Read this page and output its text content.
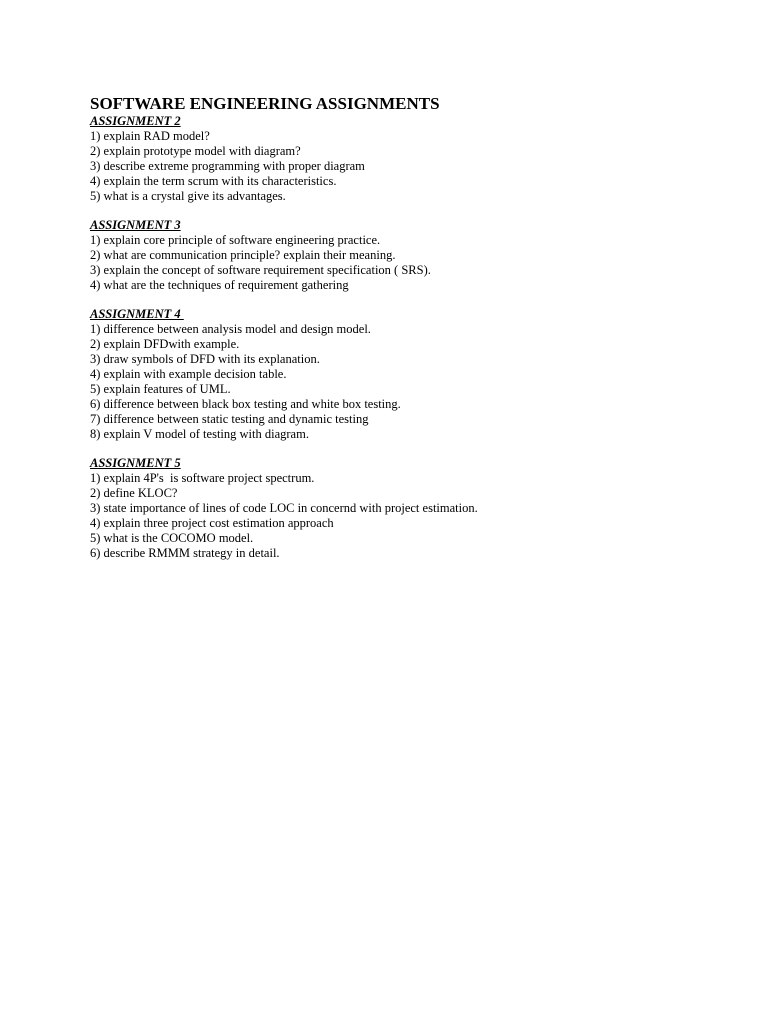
SOFTWARE ENGINEERING ASSIGNMENTS
ASSIGNMENT 2
1) explain RAD model?
2) explain prototype model with diagram?
3) describe extreme programming with proper diagram
4) explain the term scrum with its characteristics.
5) what is a crystal give its advantages.
ASSIGNMENT 3
1) explain core principle of software engineering practice.
2) what are communication principle? explain their meaning.
3) explain the concept of software requirement specification ( SRS).
4) what are the techniques of requirement gathering
ASSIGNMENT 4
1) difference between analysis model and design model.
2) explain DFDwith example.
3) draw symbols of DFD with its explanation.
4) explain with example decision table.
5) explain features of UML.
6) difference between black box testing and white box testing.
7) difference between static testing and dynamic testing
8) explain V model of testing with diagram.
ASSIGNMENT 5
1) explain 4P's  is software project spectrum.
2) define KLOC?
3) state importance of lines of code LOC in concernd with project estimation.
4) explain three project cost estimation approach
5) what is the COCOMO model.
6) describe RMMM strategy in detail.
